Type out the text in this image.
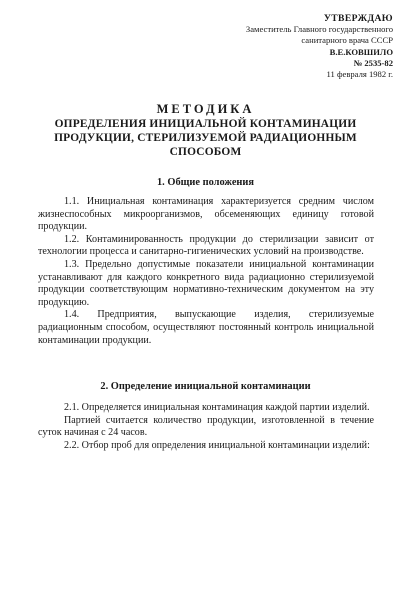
УТВЕРЖДАЮ
Заместитель Главного государственного
санитарного врача СССР
В.Е.КОВШИЛО
№ 2535-82
11 февраля 1982 г.
МЕТОДИКА
ОПРЕДЕЛЕНИЯ ИНИЦИАЛЬНОЙ КОНТАМИНАЦИИ
ПРОДУКЦИИ, СТЕРИЛИЗУЕМОЙ РАДИАЦИОННЫМ
СПОСОБОМ
1. Общие положения

1.1. Инициальная контаминация характеризуется средним числом жизнеспособных микроорганизмов, обсеменяющих единицу готовой продукции.

1.2. Контаминированность продукции до стерилизации зависит от технологии процесса и санитарно-гигиенических условий на производстве.

1.3. Предельно допустимые показатели инициальной контаминации устанавливают для каждого конкретного вида радиационно стерилизуемой продукции соответствующим нормативно-техническим документом на эту продукцию.

1.4. Предприятия, выпускающие изделия, стерилизуемые радиационным способом, осуществляют постоянный контроль инициальной контаминации продукции.

2. Определение инициальной контаминации

2.1. Определяется инициальная контаминация каждой партии изделий.

Партией считается количество продукции, изготовленной в течение суток начиная с 24 часов.

2.2. Отбор проб для определения инициальной контаминации изделий:
